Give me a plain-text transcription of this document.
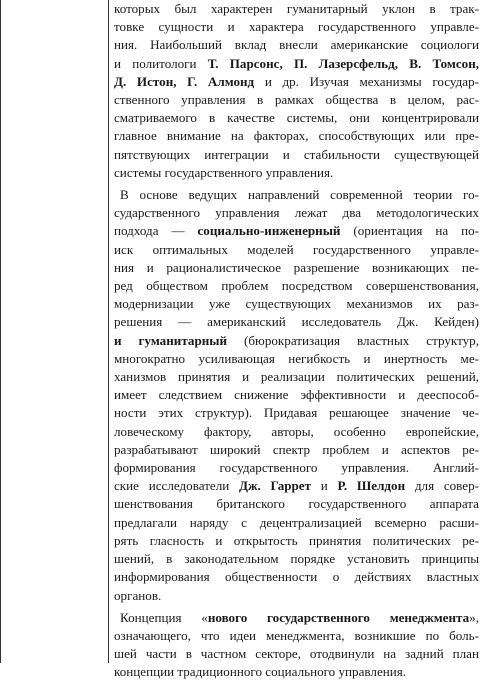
которых был характерен гуманитарный уклон в трак-
товке сущности и характера государственного управле-
ния. Наибольший вклад внесли американские социологи
и политологи Т. Парсонс, П. Лазерсфельд, В. Томсон,
Д. Истон, Г. Алмонд и др. Изучая механизмы государ-
ственного управления в рамках общества в целом, рас-
сматриваемого в качестве системы, они концентрировали
главное внимание на факторах, способствующих или пре-
пятствующих интеграции и стабильности существующей
системы государственного управления.
В основе ведущих направлений современной теории го-
сударственного управления лежат два методологических
подхода — социально-инженерный (ориентация на по-
иск оптимальных моделей государственного управле-
ния и рационалистическое разрешение возникающих пе-
ред обществом проблем посредством совершенствования,
модернизации уже существующих механизмов их раз-
решения — американский исследователь Дж. Кейден)
и гуманитарный (бюрократизация властных структур,
многократно усиливающая негибкость и инертность ме-
ханизмов принятия и реализации политических решений,
имеет следствием снижение эффективности и дееспособ-
ности этих структур). Придавая решающее значение че-
ловеческому фактору, авторы, особенно европейские,
разрабатывают широкий спектр проблем и аспектов ре-
формирования государственного управления. Англий-
ские исследователи Дж. Гаррет и Р. Шелдон для совер-
шенствования британского государственного аппарата
предлагали наряду с децентрализацией всемерно расши-
рять гласность и открытость принятия политических ре-
шений, в законодательном порядке установить принципы
информирования общественности о действиях властных
органов.
Концепция «нового государственного менеджмента»,
означающего, что идеи менеджмента, возникшие по боль-
шей части в частном секторе, отодвинули на задний план
концепции традиционного социального управления.
